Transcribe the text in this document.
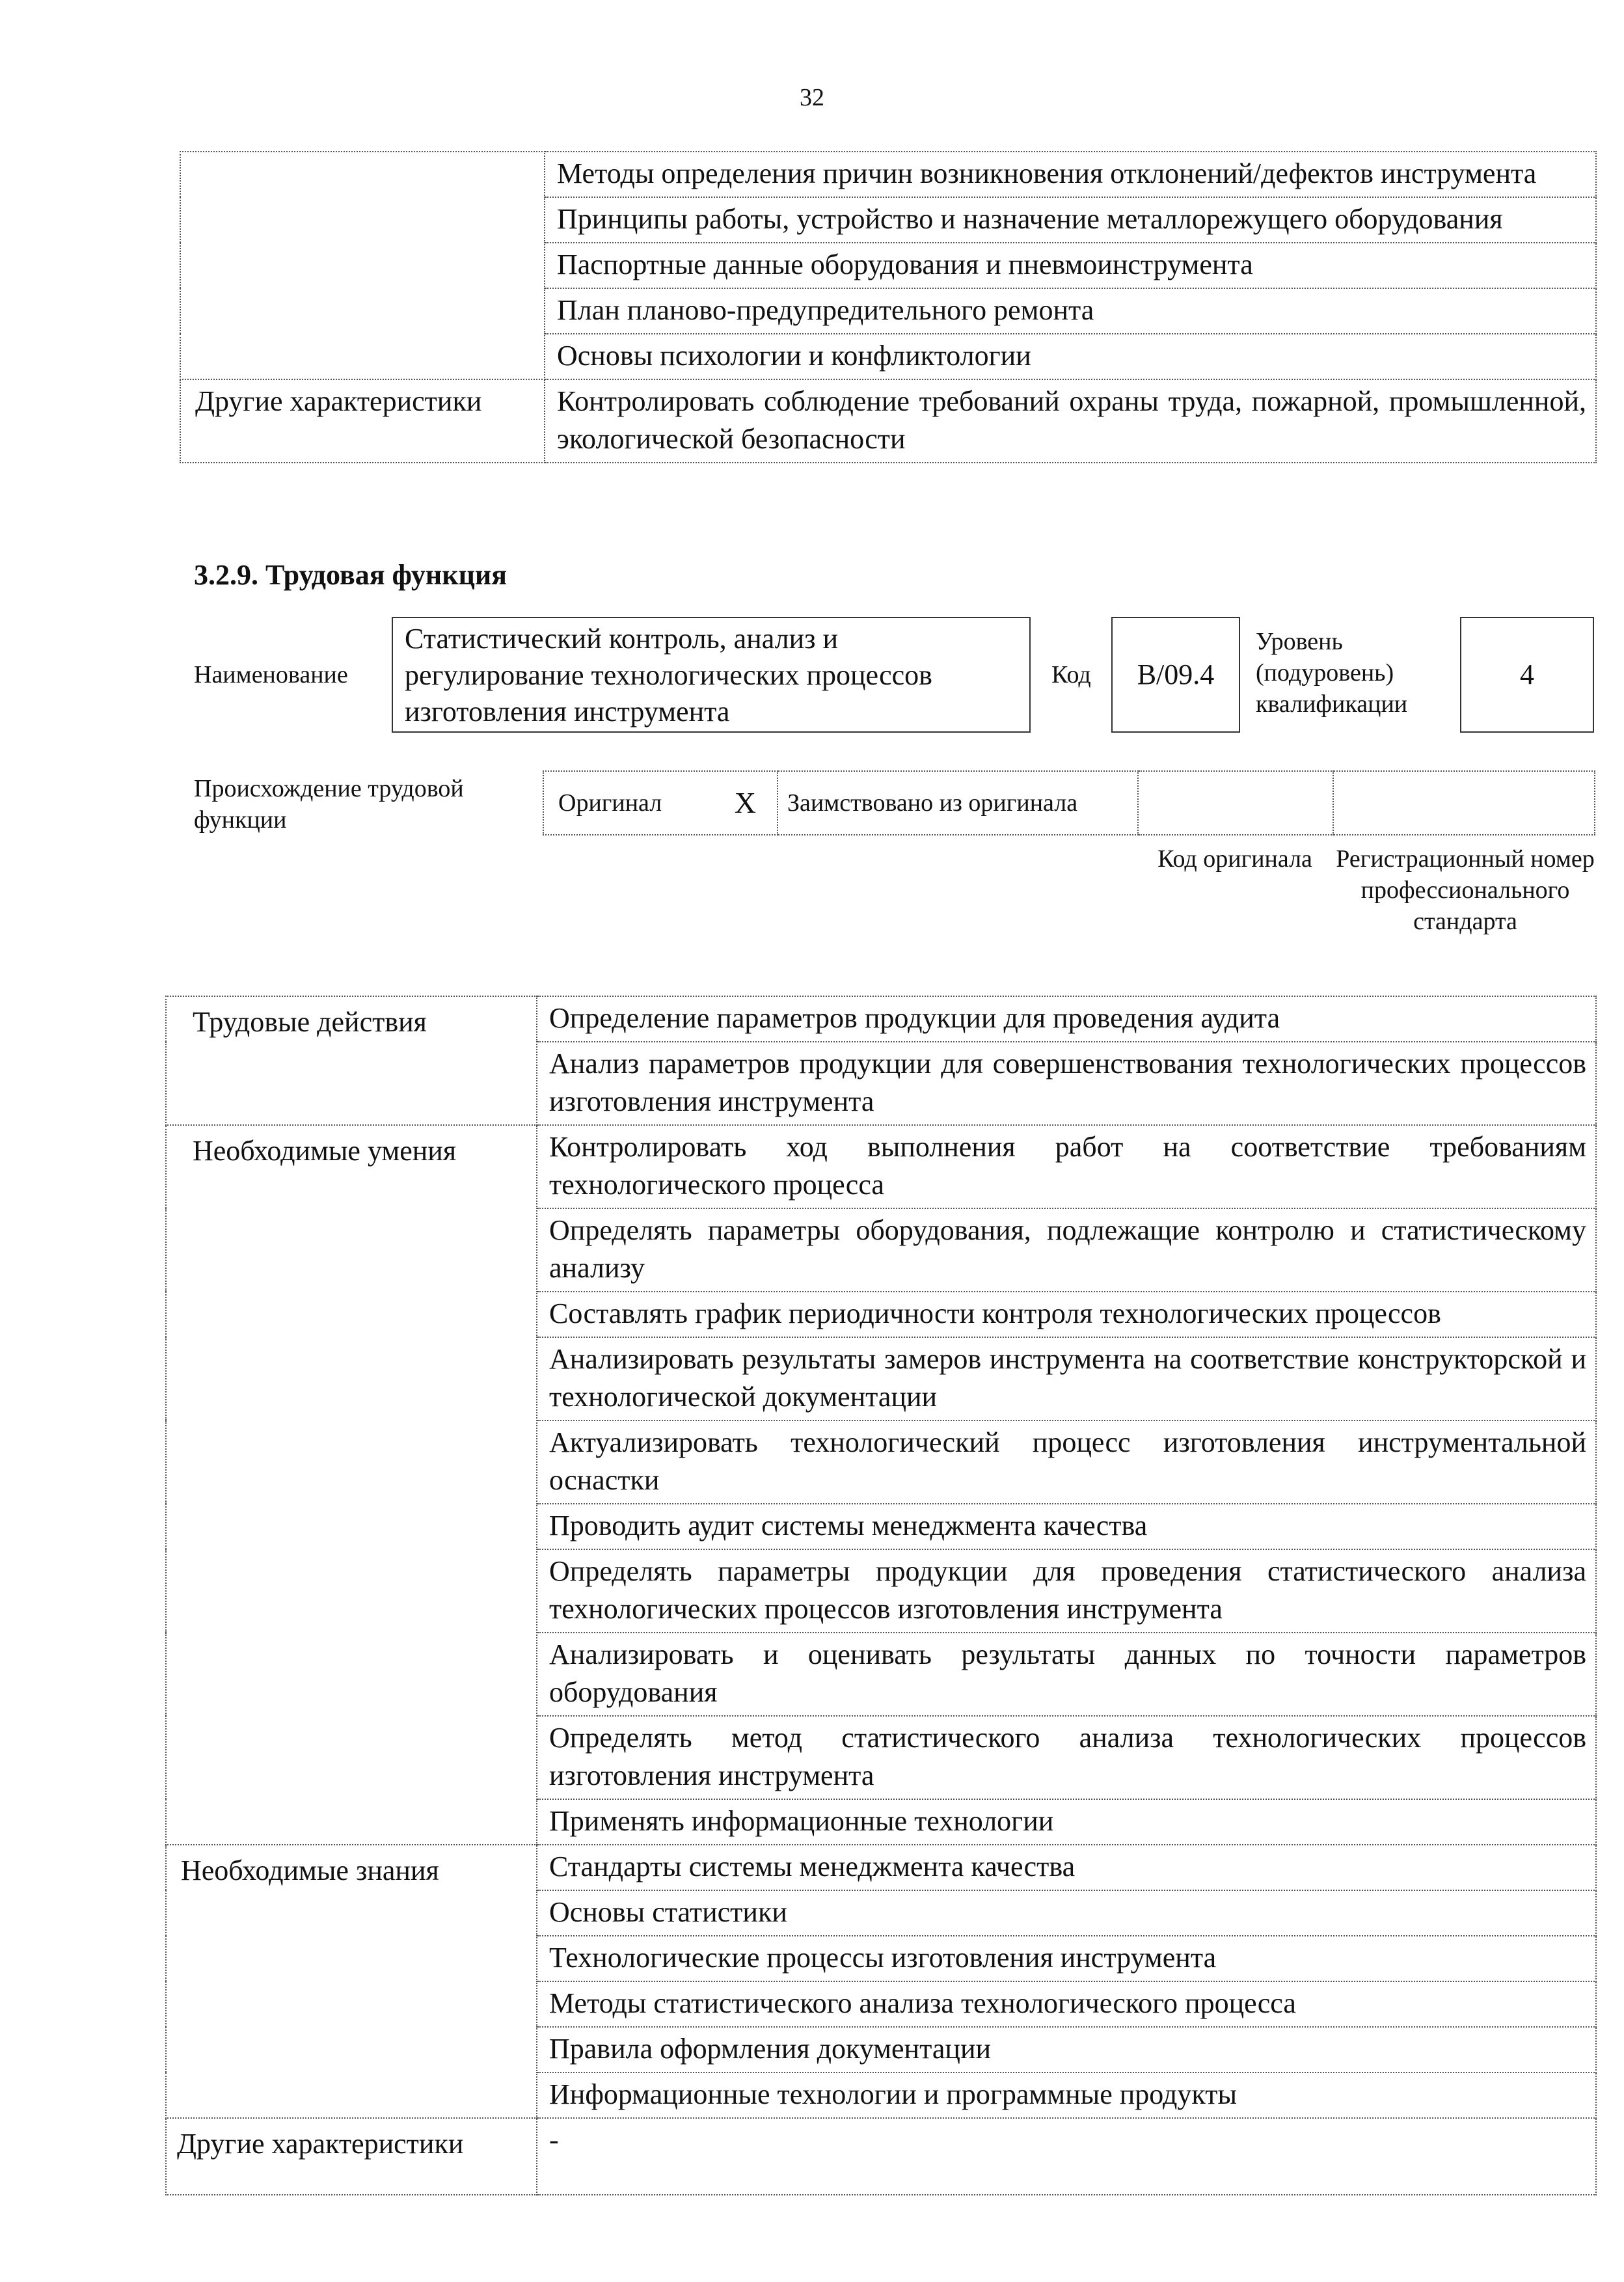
32
	Методы определения причин возникновения отклонений/дефектов инструмента
	Принципы работы, устройство и назначение металлорежущего оборудования
	Паспортные данные оборудования и пневмоинструмента
	План планово-предупредительного ремонта
	Основы психологии и конфликтологии
Другие характеристики	Контролировать соблюдение требований охраны труда, пожарной, промышленной, экологической безопасности
3.2.9. Трудовая функция
Наименование
Статистический контроль, анализ и регулирование технологических процессов изготовления инструмента
Код	B/09.4
Уровень (подуровень) квалификации
4
Происхождение трудовой функции
Оригинал X	Заимствовано из оригинала		
Код оригинала Регистрационный номер профессионального стандарта
Трудовые действия	Определение параметров продукции для проведения аудита
	Анализ параметров продукции для совершенствования технологических процессов изготовления инструмента
Необходимые умения	Контролировать ход выполнения работ на соответствие требованиям технологического процесса
	Определять параметры оборудования, подлежащие контролю и статистическому анализу
	Составлять график периодичности контроля технологических процессов
	Анализировать результаты замеров инструмента на соответствие конструкторской и технологической документации
	Актуализировать технологический процесс изготовления инструментальной оснастки
	Проводить аудит системы менеджмента качества
	Определять параметры продукции для проведения статистического анализа технологических процессов изготовления инструмента
	Анализировать и оценивать результаты данных по точности параметров оборудования
	Определять метод статистического анализа технологических процессов изготовления инструмента
	Применять информационные технологии
Необходимые знания	Стандарты системы менеджмента качества
	Основы статистики
	Технологические процессы изготовления инструмента
	Методы статистического анализа технологического процесса
	Правила оформления документации
	Информационные технологии и программные продукты
Другие характеристики	-
